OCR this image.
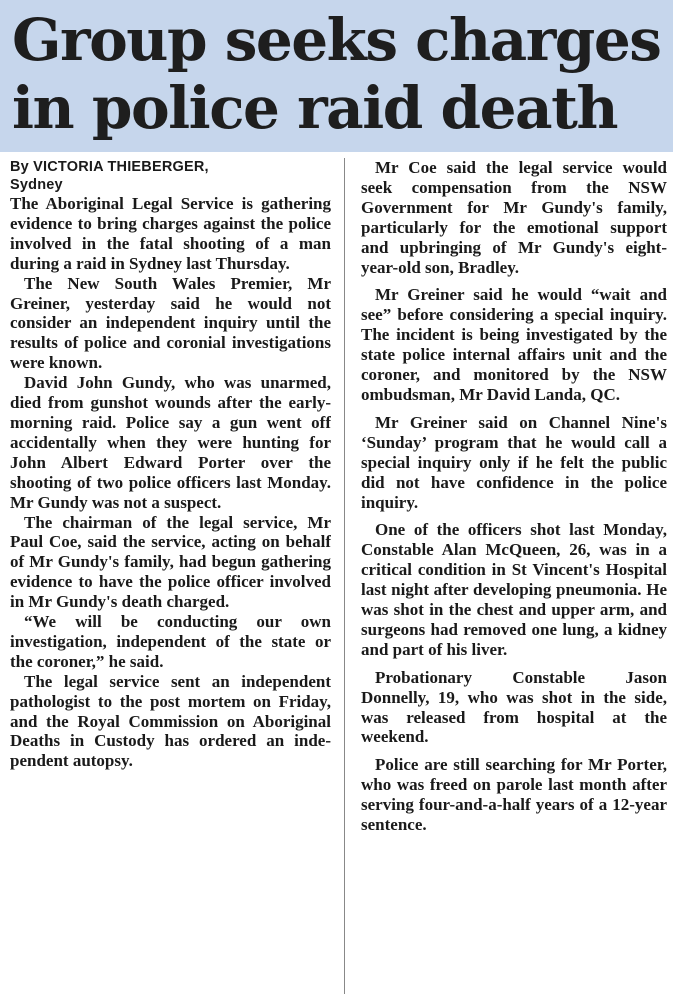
Group seeks charges
in police raid death
By VICTORIA THIEBERGER,
Sydney

The Aboriginal Legal Service is gathering evidence to bring charges against the police involved in the fatal shooting of a man during a raid in Sydney last Thursday.

The New South Wales Premier, Mr Greiner, yesterday said he would not consider an independent inquiry until the results of police and coronial investigations were known.

David John Gundy, who was unarmed, died from gunshot wounds after the early-morning raid. Police say a gun went off accidentally when they were hunting for John Albert Edward Porter over the shooting of two police officers last Monday. Mr Gundy was not a suspect.

The chairman of the legal service, Mr Paul Coe, said the service, acting on behalf of Mr Gundy's family, had begun gathering evidence to have the police officer involved in Mr Gundy's death charged.

“We will be conducting our own investigation, independent of the state or the coroner,” he said.

The legal service sent an independent pathologist to the post mortem on Friday, and the Royal Commission on Aboriginal Deaths in Custody has ordered an independent autopsy.

Mr Coe said the legal service would seek compensation from the NSW Government for Mr Gundy's family, particularly for the emotional support and upbringing of Mr Gundy's eight-year-old son, Bradley.

Mr Greiner said he would “wait and see” before considering a special inquiry. The incident is being investigated by the state police internal affairs unit and the coroner, and monitored by the NSW ombudsman, Mr David Landa, QC.

Mr Greiner said on Channel Nine's ‘Sunday’ program that he would call a special inquiry only if he felt the public did not have confidence in the police inquiry.

One of the officers shot last Monday, Constable Alan McQueen, 26, was in a critical condition in St Vincent's Hospital last night after developing pneumonia. He was shot in the chest and upper arm, and surgeons had removed one lung, a kidney and part of his liver.

Probationary Constable Jason Donnelly, 19, who was shot in the side, was released from hospital at the weekend.

Police are still searching for Mr Porter, who was freed on parole last month after serving four-and-a-half years of a 12-year sentence.
